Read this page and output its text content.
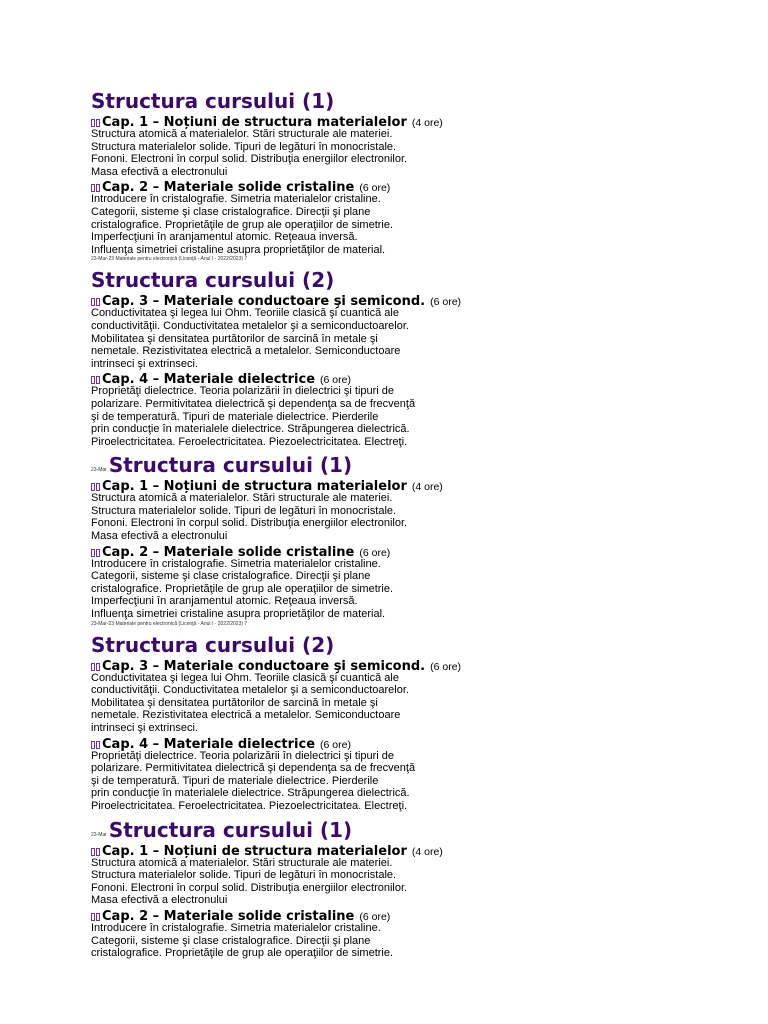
Structura cursului (1)
Cap. 1 – Noțiuni de structura materialelor (4 ore)
Structura atomică a materialelor. Stări structurale ale materiei.
Structura materialelor solide. Tipuri de legături în monocristale.
Fononi. Electroni în corpul solid. Distribuţia energiilor electronilor.
Masa efectivă a electronului
Cap. 2 – Materiale solide cristaline (6 ore)
Introducere în cristalografie. Simetria materialelor cristaline.
Categorii, sisteme şi clase cristalografice. Direcţii şi plane
cristalografice. Proprietăţile de grup ale operaţiilor de simetrie.
Imperfecţiuni în aranjamentul atomic. Reţeaua inversă.
Influenţa simetriei cristaline asupra proprietăţilor de material.
23-Mar-23 Materiale pentru electronică (Licenţă - Anul I - 2022/2023) 7
Structura cursului (2)
Cap. 3 – Materiale conductoare şi semicond. (6 ore)
Conductivitatea şi legea lui Ohm. Teoriile clasică şi cuantică ale
conductivităţii. Conductivitatea metalelor şi a semiconductoarelor.
Mobilitatea şi densitatea purtătorilor de sarcină în metale şi
nemetale. Rezistivitatea electrică a metalelor. Semiconductoare
intrinseci şi extrinseci.
Cap. 4 – Materiale dielectrice (6 ore)
Proprietăţi dielectrice. Teoria polarizării în dielectrici şi tipuri de
polarizare. Permitivitatea dielectrică şi dependenţa sa de frecvenţă
şi de temperatură. Tipuri de materiale dielectrice. Pierderile
prin conducţie în materialele dielectrice. Străpungerea dielectrică.
Piroelectricitatea. Feroelectricitatea. Piezoelectricitatea. Electreţi.
23-Mar Structura cursului (1)
Cap. 1 – Noțiuni de structura materialelor (4 ore)
Structura atomică a materialelor. Stări structurale ale materiei.
Structura materialelor solide. Tipuri de legături în monocristale.
Fononi. Electroni în corpul solid. Distribuţia energiilor electronilor.
Masa efectivă a electronului
Cap. 2 – Materiale solide cristaline (6 ore)
Introducere în cristalografie. Simetria materialelor cristaline.
Categorii, sisteme şi clase cristalografice. Direcţii şi plane
cristalografice. Proprietăţile de grup ale operaţiilor de simetrie.
Imperfecţiuni în aranjamentul atomic. Reţeaua inversă.
Influenţa simetriei cristaline asupra proprietăţilor de material.
23-Mar-23 Materiale pentru electronică (Licenţă - Anul I - 2022/2023) 7
Structura cursului (2)
Cap. 3 – Materiale conductoare şi semicond. (6 ore)
Conductivitatea şi legea lui Ohm. Teoriile clasică şi cuantică ale
conductivităţii. Conductivitatea metalelor şi a semiconductoarelor.
Mobilitatea şi densitatea purtătorilor de sarcină în metale şi
nemetale. Rezistivitatea electrică a metalelor. Semiconductoare
intrinseci şi extrinseci.
Cap. 4 – Materiale dielectrice (6 ore)
Proprietăţi dielectrice. Teoria polarizării în dielectrici şi tipuri de
polarizare. Permitivitatea dielectrică şi dependenţa sa de frecvenţă
şi de temperatură. Tipuri de materiale dielectrice. Pierderile
prin conducţie în materialele dielectrice. Străpungerea dielectrică.
Piroelectricitatea. Feroelectricitatea. Piezoelectricitatea. Electreţi.
23-Mar Structura cursului (1)
Cap. 1 – Noțiuni de structura materialelor (4 ore)
Structura atomică a materialelor. Stări structurale ale materiei.
Structura materialelor solide. Tipuri de legături în monocristale.
Fononi. Electroni în corpul solid. Distribuţia energiilor electronilor.
Masa efectivă a electronului
Cap. 2 – Materiale solide cristaline (6 ore)
Introducere în cristalografie. Simetria materialelor cristaline.
Categorii, sisteme şi clase cristalografice. Direcţii şi plane
cristalografice. Proprietăţile de grup ale operaţiilor de simetrie.
